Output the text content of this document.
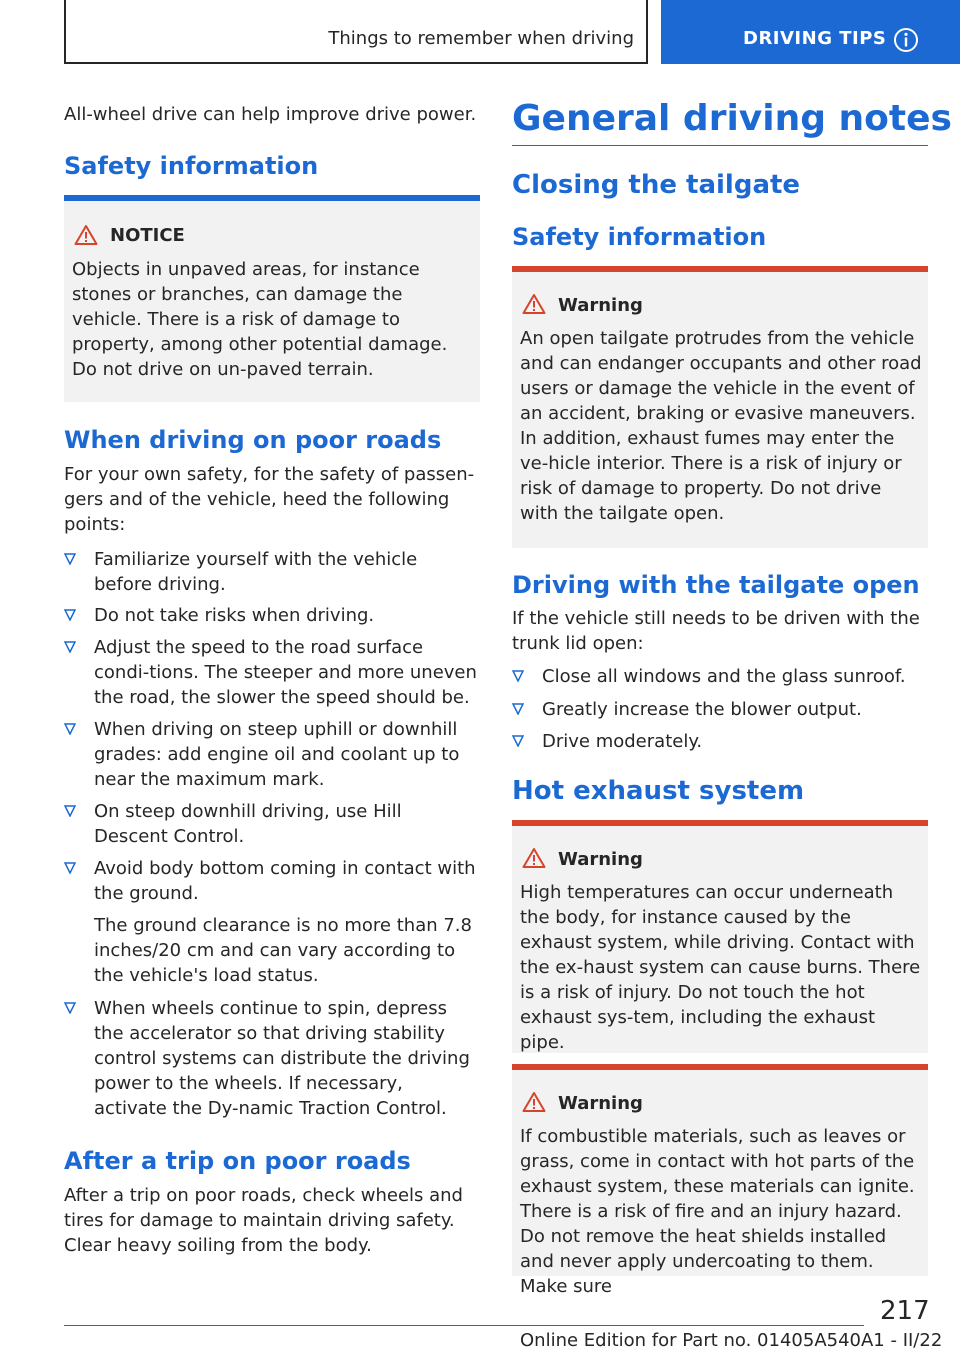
Things to remember when driving	DRIVING TIPS

All-wheel drive can help improve drive power.

Safety information
NOTICE

Objects in unpaved areas, for instance stones or branches, can damage the vehicle. There is a risk of damage to property, among other potential damage. Do not drive on un-paved terrain.

When driving on poor roads

For your own safety, for the safety of passen-gers and of the vehicle, heed the following points:

Familiarize yourself with the vehicle before driving.

Do not take risks when driving.

Adjust the speed to the road surface condi-tions. The steeper and more uneven the road, the slower the speed should be.

When driving on steep uphill or downhill grades: add engine oil and coolant up to near the maximum mark.

On steep downhill driving, use Hill Descent Control.

Avoid body bottom coming in contact with the ground.

The ground clearance is no more than 7.8 inches/20 cm and can vary according to the vehicle's load status.

When wheels continue to spin, depress the accelerator so that driving stability control systems can distribute the driving power to the wheels. If necessary, activate the Dy-namic Traction Control.

After a trip on poor roads

After a trip on poor roads, check wheels and tires for damage to maintain driving safety. Clear heavy soiling from the body.

General driving notes
Closing the tailgate
Safety information
Warning

An open tailgate protrudes from the vehicle and can endanger occupants and other road users or damage the vehicle in the event of an accident, braking or evasive maneuvers. In addition, exhaust fumes may enter the ve-hicle interior. There is a risk of injury or risk of damage to property. Do not drive with the tailgate open.

Driving with the tailgate open

If the vehicle still needs to be driven with the trunk lid open:

Close all windows and the glass sunroof.

Greatly increase the blower output.

Drive moderately.

Hot exhaust system
Warning

High temperatures can occur underneath the body, for instance caused by the exhaust system, while driving. Contact with the ex-haust system can cause burns. There is a risk of injury. Do not touch the hot exhaust sys-tem, including the exhaust pipe.

Warning

If combustible materials, such as leaves or grass, come in contact with hot parts of the exhaust system, these materials can ignite. There is a risk of fire and an injury hazard. Do not remove the heat shields installed and never apply undercoating to them. Make sure

217
Online Edition for Part no. 01405A540A1 - II/22
